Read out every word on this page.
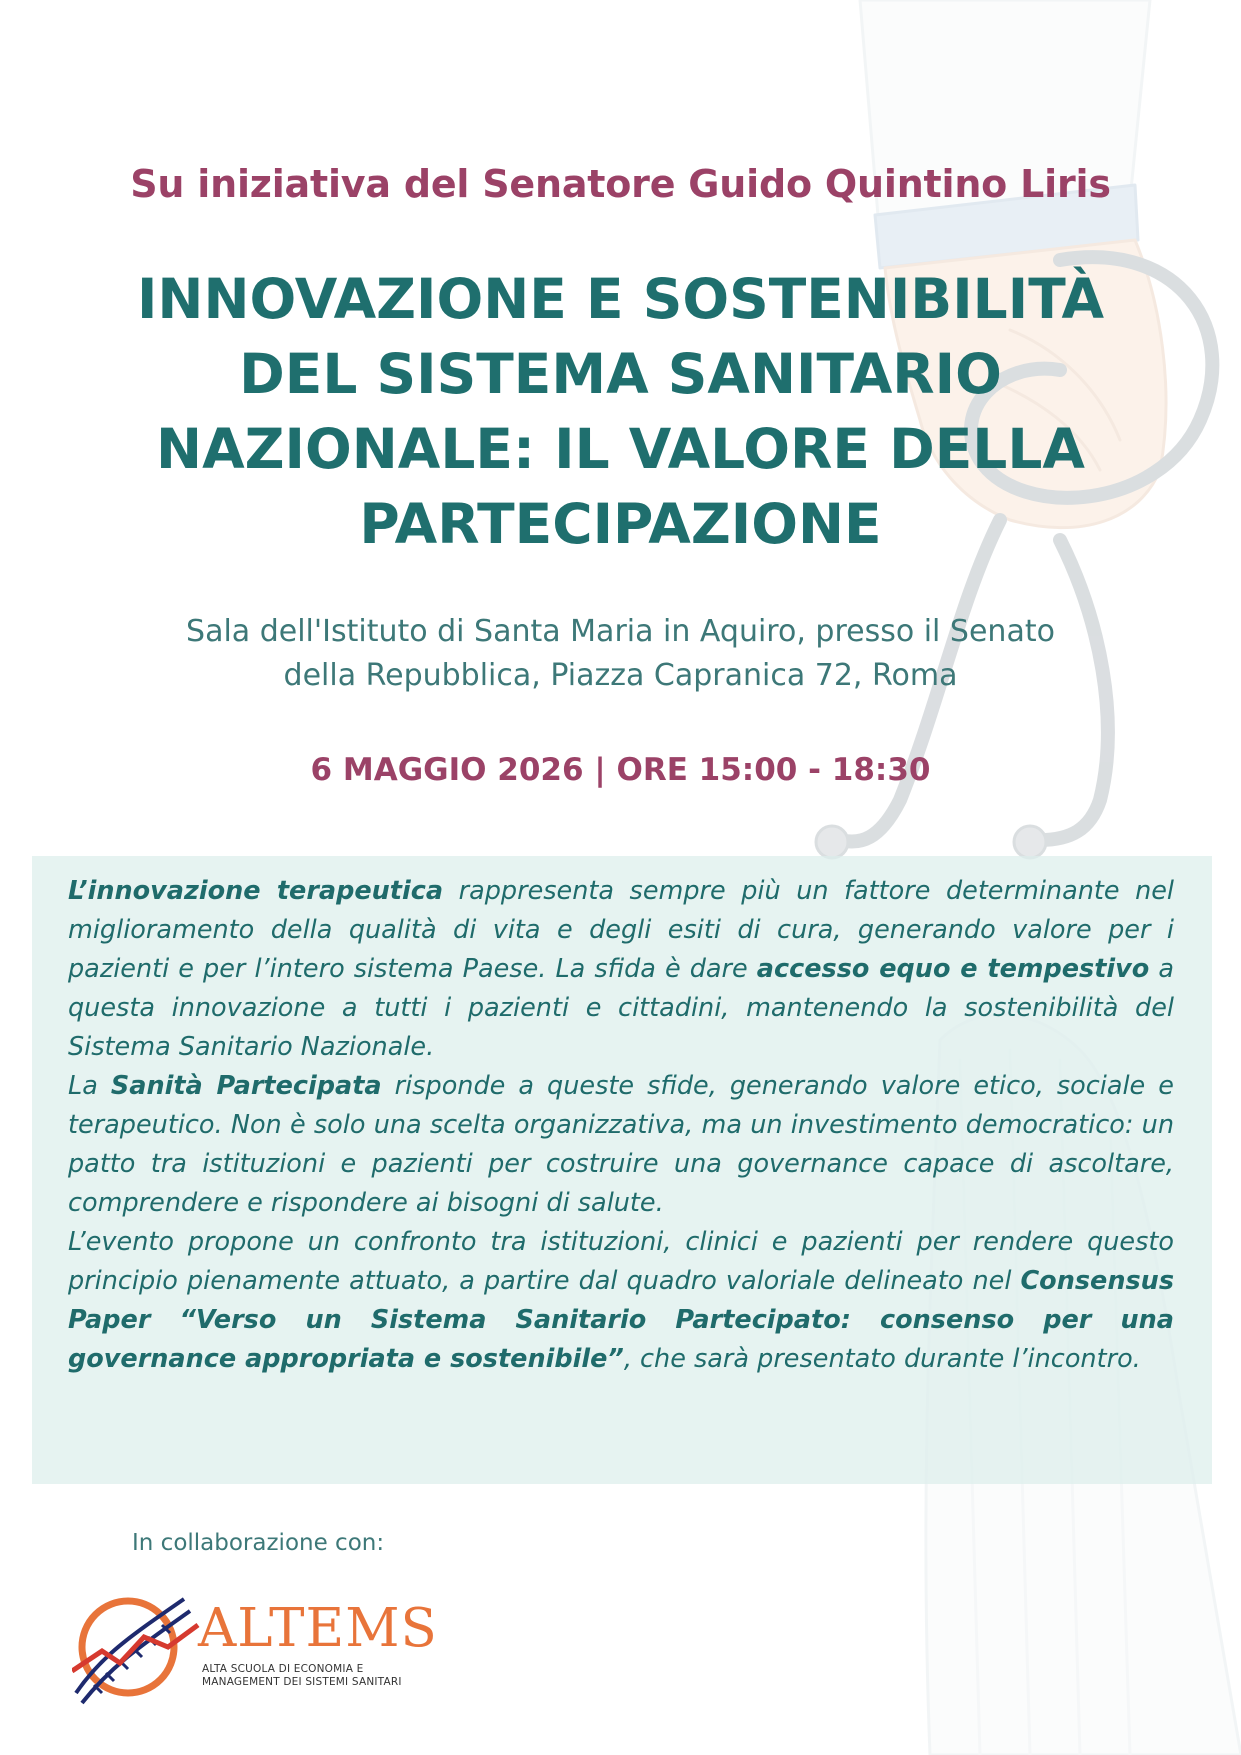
Su iniziativa del Senatore Guido Quintino Liris
INNOVAZIONE E SOSTENIBILITÀ
DEL SISTEMA SANITARIO
NAZIONALE: IL VALORE DELLA
PARTECIPAZIONE
Sala dell'Istituto di Santa Maria in Aquiro, presso il Senato
della Repubblica, Piazza Capranica 72, Roma
6 MAGGIO 2026 | ORE 15:00 - 18:30

L’innovazione terapeutica rappresenta sempre più un fattore determinante nel miglioramento della qualità di vita e degli esiti di cura, generando valore per i pazienti e per l’intero sistema Paese. La sfida è dare accesso equo e tempestivo a questa innovazione a tutti i pazienti e cittadini, mantenendo la sostenibilità del Sistema Sanitario Nazionale.

La Sanità Partecipata risponde a queste sfide, generando valore etico, sociale e terapeutico. Non è solo una scelta organizzativa, ma un investimento democratico: un patto tra istituzioni e pazienti per costruire una governance capace di ascoltare, comprendere e rispondere ai bisogni di salute.

L’evento propone un confronto tra istituzioni, clinici e pazienti per rendere questo principio pienamente attuato, a partire dal quadro valoriale delineato nel Consensus Paper “Verso un Sistema Sanitario Partecipato: consenso per una governance appropriata e sostenibile”, che sarà presentato durante l’incontro.

In collaborazione con:
ALTEMS
ALTA SCUOLA DI ECONOMIA E
MANAGEMENT DEI SISTEMI SANITARI
